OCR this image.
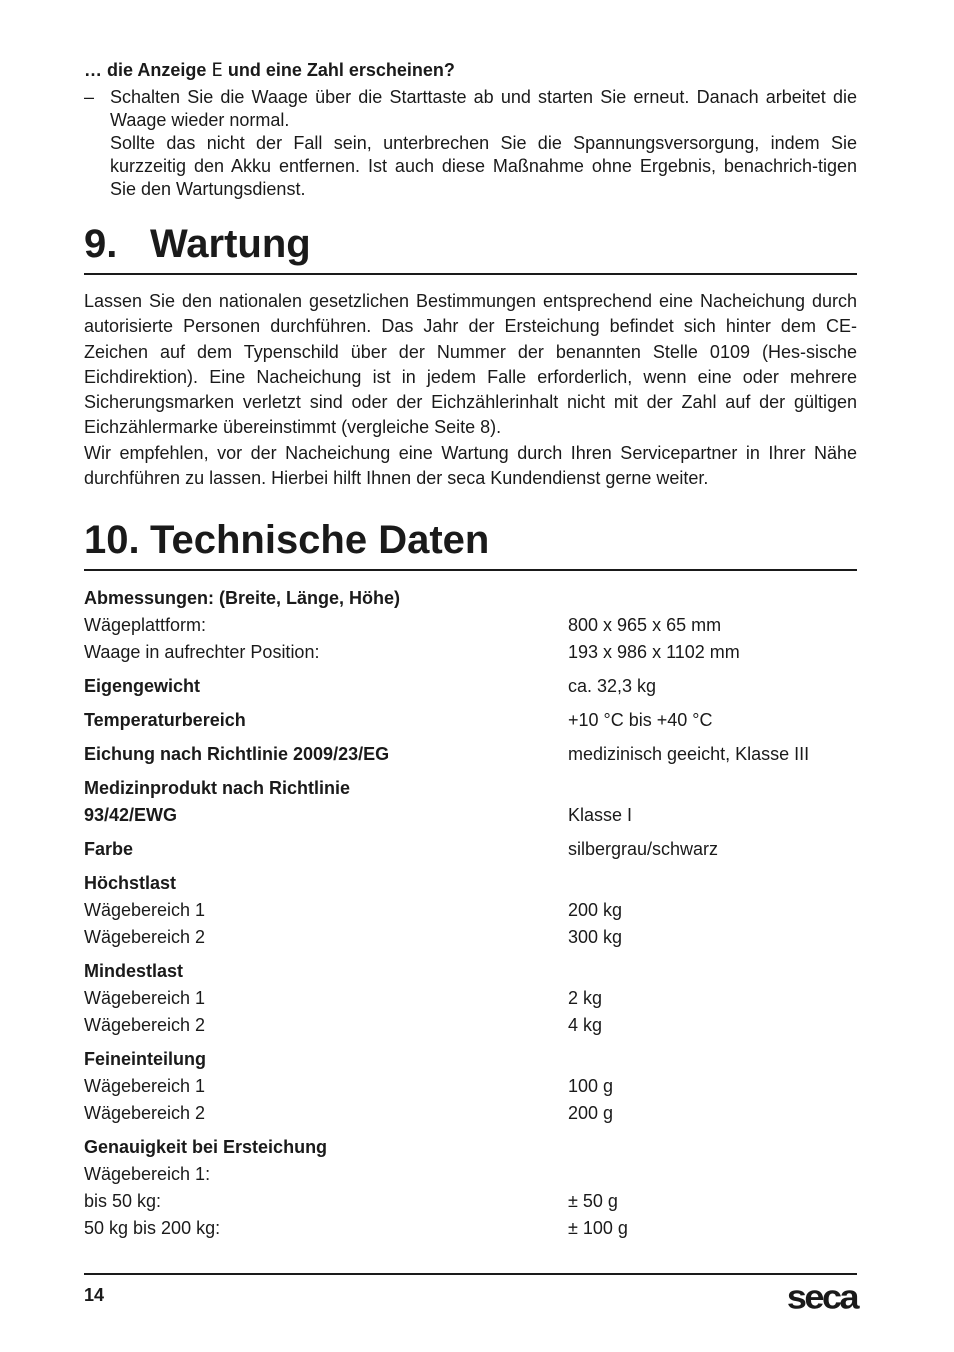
… die Anzeige E und eine Zahl erscheinen?

– Schalten Sie die Waage über die Starttaste ab und starten Sie erneut. Danach arbeitet die Waage wieder normal.

Sollte das nicht der Fall sein, unterbrechen Sie die Spannungsversorgung, indem Sie kurzzeitig den Akku entfernen. Ist auch diese Maßnahme ohne Ergebnis, benachrich-tigen Sie den Wartungsdienst.

9. Wartung

Lassen Sie den nationalen gesetzlichen Bestimmungen entsprechend eine Nacheichung durch autorisierte Personen durchführen. Das Jahr der Ersteichung befindet sich hinter dem CE-Zeichen auf dem Typenschild über der Nummer der benannten Stelle 0109 (Hes-sische Eichdirektion). Eine Nacheichung ist in jedem Falle erforderlich, wenn eine oder mehrere Sicherungsmarken verletzt sind oder der Eichzählerinhalt nicht mit der Zahl auf der gültigen Eichzählermarke übereinstimmt (vergleiche Seite 8).

Wir empfehlen, vor der Nacheichung eine Wartung durch Ihren Servicepartner in Ihrer Nähe durchführen zu lassen. Hierbei hilft Ihnen der seca Kundendienst gerne weiter.

10. Technische Daten
Abmessungen: (Breite, Länge, Höhe)
Wägeplattform:	800 x 965 x 65 mm
Waage in aufrechter Position:	193 x 986 x 1102 mm
Eigengewicht	ca. 32,3 kg
Temperaturbereich	+10 °C bis +40 °C
Eichung nach Richtlinie 2009/23/EG	medizinisch geeicht, Klasse III
Medizinprodukt nach Richtlinie
93/42/EWG	Klasse I
Farbe	silbergrau/schwarz
Höchstlast
Wägebereich 1	200 kg
Wägebereich 2	300 kg
Mindestlast
Wägebereich 1	2 kg
Wägebereich 2	4 kg
Feineinteilung
Wägebereich 1	100 g
Wägebereich 2	200 g
Genauigkeit bei Ersteichung
Wägebereich 1:
bis 50 kg:	± 50 g
50 kg bis 200 kg:	± 100 g
14	seca
